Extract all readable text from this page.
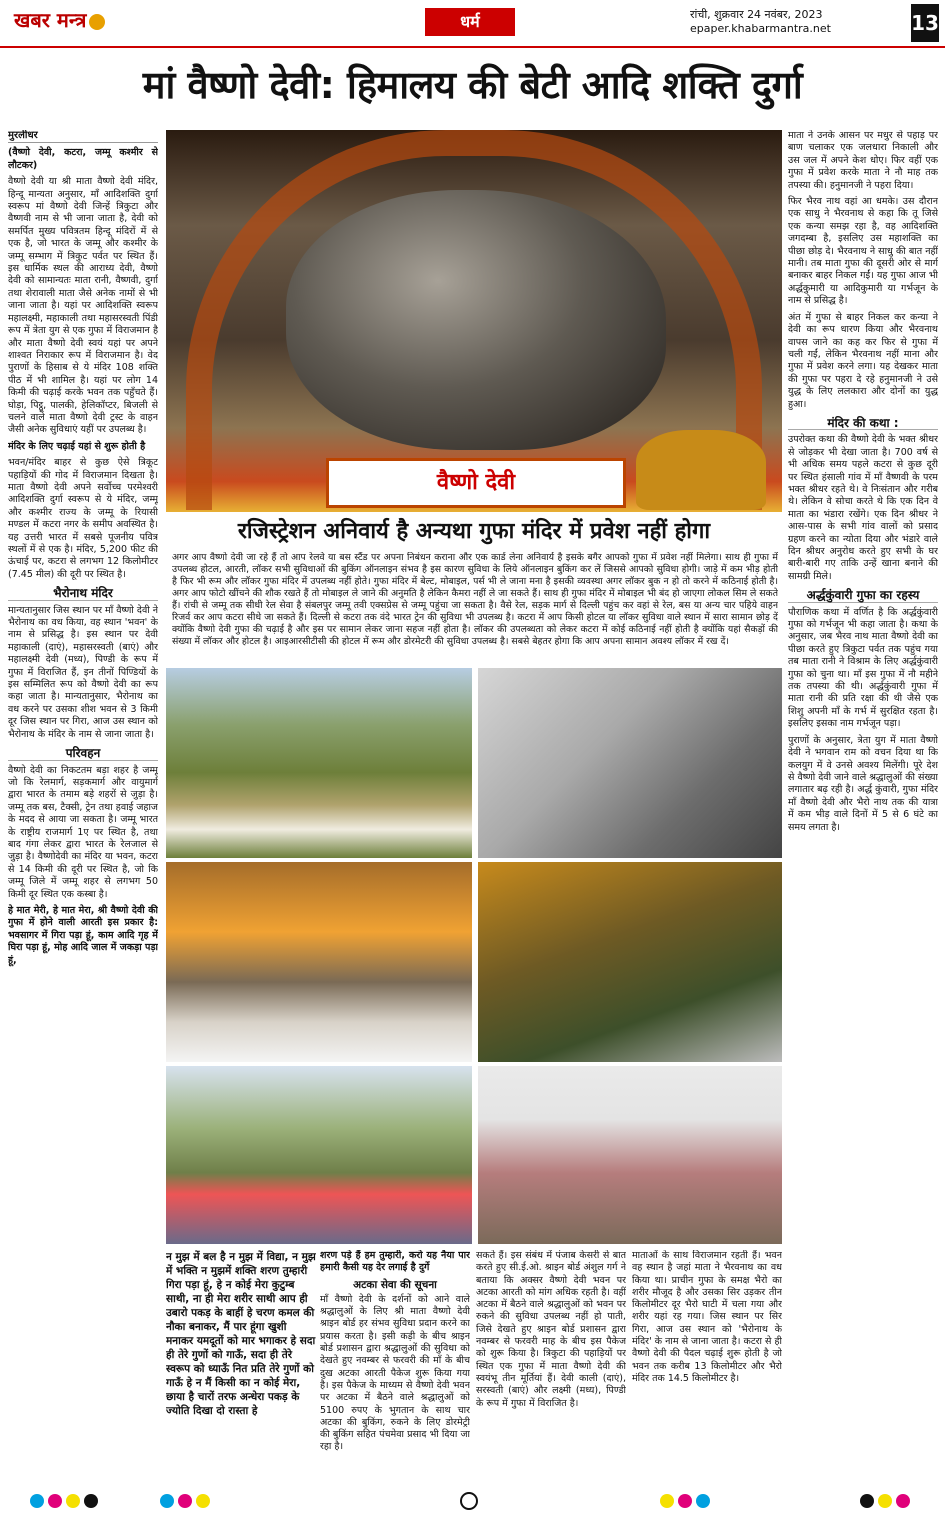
खबर मन्त्र	धर्म	रांची, शुक्रवार 24 नवंबर, 2023
epaper.khabarmantra.net	13
मां वैष्णो देवी: हिमालय की बेटी आदि शक्ति दुर्गा
मुरलीधर

(वैष्णो देवी, कटरा, जम्मू कश्मीर से लौटकर)

वैष्णो देवी या श्री माता वैष्णो देवी मंदिर, हिन्दू मान्यता अनुसार, माँ आदिशक्ति दुर्गा स्वरूप मां वैष्णो देवी जिन्हें त्रिकुटा और वैष्णवी नाम से भी जाना जाता है, देवी को समर्पित मुख्य पवित्रतम हिन्दू मंदिरों में से एक है, जो भारत के जम्मू और कश्मीर के जम्मू सम्भाग में त्रिकुट पर्वत पर स्थित हैं। इस धार्मिक स्थल की आराध्य देवी, वैष्णो देवी को सामान्यतः माता रानी, वैष्णवी, दुर्गा तथा शेरावाली माता जैसे अनेक नामों से भी जाना जाता है। यहां पर आदिशक्ति स्वरूप महालक्ष्मी, महाकाली तथा महासरस्वती पिंडी रूप में त्रेता युग से एक गुफा में विराजमान है और माता वैष्णो देवी स्वयं यहां पर अपने शाश्वत निराकार रूप में विराजमान है। वेद पुराणों के हिसाब से ये मंदिर 108 शक्ति पीठ में भी शामिल है। यहां पर लोग 14 किमी की चढ़ाई करके भवन तक पहुँचते हैं। घोड़ा, पिट्ठू, पालकी, हेलिकॉप्टर, बिजली से चलने वाले माता वैष्णो देवी ट्रस्ट के वाहन जैसी अनेक सुविधाएं यहीं पर उपलब्ध है।

मंदिर के लिए चढ़ाई यहां से शुरू होती है

भवन/मंदिर बाहर से कुछ ऐसे त्रिकूट पहाड़ियों की गोद में विराजमान दिखता है। माता वैष्णो देवी अपने सर्वोच्च परमेश्वरी आदिशक्ति दुर्गा स्वरूप से ये मंदिर, जम्मू और कश्मीर राज्य के जम्मू के रियासी मण्डल में कटरा नगर के समीप अवस्थित है। यह उत्तरी भारत में सबसे पूजनीय पवित्र स्थलों में से एक है। मंदिर, 5,200 फीट की ऊंचाई पर, कटरा से लगभग 12 किलोमीटर (7.45 मील) की दूरी पर स्थित है।

भैरोनाथ मंदिर

मान्यतानुसार जिस स्थान पर माँ वैष्णो देवी ने भैरोनाथ का वध किया, वह स्थान 'भवन' के नाम से प्रसिद्ध है। इस स्थान पर देवी महाकाली (दाएं), महासरस्वती (बाएं) और महालक्ष्मी देवी (मध्य), पिण्डी के रूप में गुफा में विराजित हैं, इन तीनों पिण्डियों के इस सम्मिलित रूप को वैष्णो देवी का रूप कहा जाता है। मान्यतानुसार, भैरोनाथ का वध करने पर उसका शीश भवन से 3 किमी दूर जिस स्थान पर गिरा, आज उस स्थान को भैरोनाथ के मंदिर के नाम से जाना जाता है।

परिवहन

वैष्णो देवी का निकटतम बड़ा शहर है जम्मू जो कि रेलमार्ग, सड़कमार्ग और वायुमार्ग द्वारा भारत के तमाम बड़े शहरों से जुड़ा है। जम्मू तक बस, टैक्सी, ट्रेन तथा हवाई जहाज के मदद से आया जा सकता है। जम्मू भारत के राष्ट्रीय राजमार्ग 1ए पर स्थित है, तथा बाद गंगा लेकर द्वारा भारत के रेलजाल से जुड़ा है। वैष्णोदेवी का मंदिर या भवन, कटरा से 14 किमी की दूरी पर स्थित है, जो कि जम्मू जिले में जम्मू शहर से लगभग 50 किमी दूर स्थित एक कस्बा है।

हे मात मेरी, हे मात मेरा, श्री वैष्णो देवी की गुफा में होने वाली आरती इस प्रकार है: भवसागर में गिरा पड़ा हूं, काम आदि गृह में घिरा पड़ा हूं, मोह आदि जाल में जकड़ा पड़ा हूं,

वैष्णो देवी
रजिस्ट्रेशन अनिवार्य है अन्यथा गुफा मंदिर में प्रवेश नहीं होगा
अगर आप वैष्णो देवी जा रहे हैं तो आप रेलवे या बस स्टैंड पर अपना निबंधन कराना और एक कार्ड लेना अनिवार्य है इसके बगैर आपको गुफा में प्रवेश नहीं मिलेगा। साथ ही गुफा में उपलब्ध होटल, आरती, लॉकर सभी सुविधाओं की बुकिंग ऑनलाइन संभव है इस कारण सुविधा के लिये ऑनलाइन बुकिंग कर लें जिससे आपको सुविधा होगी। जाड़े में कम भीड़ होती है फिर भी रूम और लॉकर गुफा मंदिर में उपलब्ध नहीं होते। गुफा मंदिर में बेल्ट, मोबाइल, पर्स भी ले जाना मना है इसकी व्यवस्था अगर लॉकर बुक न हो तो करने में कठिनाई होती है। अगर आप फोटो खींचने की शौक रखते हैं तो मोबाइल ले जाने की अनुमति है लेकिन कैमरा नहीं ले जा सकते हैं। साथ ही गुफा मंदिर में मोबाइल भी बंद हो जाएगा लोकल सिम ले सकते हैं। रांची से जम्मू तक सीधी रेल सेवा है संबलपुर जम्मू तवी एक्सप्रेस से जम्मू पहुंचा जा सकता है। वैसे रेल, सड़क मार्ग से दिल्ली पहुंच कर वहां से रेल, बस या अन्य चार पहिये वाहन रिजर्व कर आप कटरा सीधे जा सकते हैं। दिल्ली से कटरा तक वंदे भारत ट्रेन की सुविधा भी उपलब्ध है। कटरा में आप किसी होटल या लॉकर सुविधा वाले स्थान में सारा सामान छोड़ दें क्योंकि वैष्णो देवी गुफा की चढ़ाई है और इस पर सामान लेकर जाना सहज नहीं होता है। लॉकर की उपलब्धता को लेकर कटरा में कोई कठिनाई नहीं होती है क्योंकि यहां सैकड़ों की संख्या में लॉकर और होटल है। आइआरसीटीसी की होटल में रूम और डोरमेटरी की सुविधा उपलब्ध है। सबसे बेहतर होगा कि आप अपना सामान अवश्य लॉकर में रख दें।
न मुझ में बल है न मुझ में विद्या, न मुझ में भक्ति न मुझमें शक्ति शरण तुम्हारी गिरा पड़ा हूं, हे न कोई मेरा कुटुम्ब साथी, ना ही मेरा शरीर साथी आप ही उबारो पकड़ के बाहीं हे चरण कमल की नौका बनाकर, मैं पार हूंगा खुशी मनाकर यमदूतों को मार भगाकर हे सदा ही तेरे गुणों को गाऊँ, सदा ही तेरे स्वरूप को ध्याऊँ नित प्रति तेरे गुणों को गाऊँ हे न मैं किसी का न कोई मेरा, छाया है चारों तरफ अन्धेरा पकड़ के ज्योति दिखा दो रास्ता हे

शरण पड़े हैं हम तुम्हारी, करो यह नैया पार हमारी कैसी यह देर लगाई है दुर्गे

अटका सेवा की सूचना

माँ वैष्णो देवी के दर्शनों को आने वाले श्रद्धालुओं के लिए श्री माता वैष्णो देवी श्राइन बोर्ड हर संभव सुविधा प्रदान करने का प्रयास करता है। इसी कड़ी के बीच श्राइन बोर्ड प्रशासन द्वारा श्रद्धालुओं की सुविधा को देखते हुए नवम्बर से फरवरी की माँ के बीच दुख अटका आरती पैकेज शुरू किया गया है। इस पैकेज के माध्यम से वैष्णो देवी भवन पर अटका में बैठने वाले श्रद्धालुओं को 5100 रुपए के भुगतान के साथ चार अटका की बुकिंग, रुकने के लिए डोरमेट्री की बुकिंग सहित पंचमेवा प्रसाद भी दिया जा रहा है।

सकते हैं। इस संबंध में पंजाब केसरी से बात करते हुए सी.ई.ओ. श्राइन बोर्ड अंशुल गर्ग ने बताया कि अक्सर वैष्णो देवी भवन पर अटका आरती को मांग अधिक रहती है। वहीं अटका में बैठने वाले श्रद्धालुओं को भवन पर रुकने की सुविधा उपलब्ध नहीं हो पाती, जिसे देखते हुए श्राइन बोर्ड प्रशासन द्वारा नवम्बर से फरवरी माह के बीच इस पैकेज को शुरू किया है। त्रिकुटा की पहाड़ियों पर स्थित एक गुफा में माता वैष्णो देवी की स्वयंभू तीन मूर्तियां हैं। देवी काली (दाएं), सरस्वती (बाएं) और लक्ष्मी (मध्य), पिण्डी के रूप में गुफा में विराजित है।
माताओं के साथ विराजमान रहती हैं। भवन वह स्थान है जहां माता ने भैरवनाथ का वध किया था। प्राचीन गुफा के समक्ष भैरो का शरीर मौजूद है और उसका सिर उड़कर तीन किलोमीटर दूर भैरो घाटी में चला गया और शरीर यहां रह गया। जिस स्थान पर सिर गिरा, आज उस स्थान को 'भैरोनाथ के मंदिर' के नाम से जाना जाता है। कटरा से ही वैष्णो देवी की पैदल चढ़ाई शुरू होती है जो भवन तक करीब 13 किलोमीटर और भैरो मंदिर तक 14.5 किलोमीटर है।

माता ने उनके आसन पर मधुर से पहाड़ पर बाण चलाकर एक जलधारा निकाली और उस जल में अपने केश धोए। फिर वहीं एक गुफा में प्रवेश करके माता ने नौ माह तक तपस्या की। हनुमानजी ने पहरा दिया।

फिर भैरव नाथ वहां आ धमके। उस दौरान एक साधु ने भैरवनाथ से कहा कि तू जिसे एक कन्या समझ रहा है, वह आदिशक्ति जगदम्बा है, इसलिए उस महाशक्ति का पीछा छोड़ दे। भैरवनाथ ने साधु की बात नहीं मानी। तब माता गुफा की दूसरी ओर से मार्ग बनाकर बाहर निकल गईं। यह गुफा आज भी अर्द्धकुमारी या आदिकुमारी या गर्भजून के नाम से प्रसिद्ध है।

अंत में गुफा से बाहर निकल कर कन्या ने देवी का रूप धारण किया और भैरवनाथ वापस जाने का कह कर फिर से गुफा में चली गईं, लेकिन भैरवनाथ नहीं माना और गुफा में प्रवेश करने लगा। यह देखकर माता की गुफा पर पहरा दे रहे हनुमानजी ने उसे युद्ध के लिए ललकारा और दोनों का युद्ध हुआ।

मंदिर की कथा :

उपरोक्त कथा की वैष्णो देवी के भक्त श्रीधर से जोड़कर भी देखा जाता है। 700 वर्ष से भी अधिक समय पहले कटरा से कुछ दूरी पर स्थित हंसाली गांव में माँ वैष्णवी के परम भक्त श्रीधर रहते थे। वे निःसंतान और गरीब थे। लेकिन वे सोचा करते थे कि एक दिन वे माता का भंडारा रखेंगे। एक दिन श्रीधर ने आस-पास के सभी गांव वालों को प्रसाद ग्रहण करने का न्योता दिया और भंडारे वाले दिन श्रीधर अनुरोध करते हुए सभी के घर बारी-बारी गए ताकि उन्हें खाना बनाने की सामग्री मिले।

अर्द्धकुंवारी गुफा का रहस्य

पौराणिक कथा में वर्णित है कि अर्द्धकुंवारी गुफा को गर्भजून भी कहा जाता है। कथा के अनुसार, जब भैरव नाथ माता वैष्णो देवी का पीछा करते हुए त्रिकुटा पर्वत तक पहुंच गया तब माता रानी ने विश्राम के लिए अर्द्धकुंवारी गुफा को चुना था। माँ इस गुफा में नौ महीने तक तपस्या की थी। अर्द्धकुंवारी गुफा में माता रानी की प्रति रक्षा की थी जैसे एक शिशु अपनी माँ के गर्भ में सुरक्षित रहता है। इसलिए इसका नाम गर्भजून पड़ा।

पुराणों के अनुसार, त्रेता युग में माता वैष्णो देवी ने भगवान राम को वचन दिया था कि कलयुग में वे उनसे अवश्य मिलेंगी। पूरे देश से वैष्णो देवी जाने वाले श्रद्धालुओं की संख्या लगातार बढ़ रही है। अर्द्ध कुंवारी, गुफा मंदिर माँ वैष्णो देवी और भैरो नाथ तक की यात्रा में कम भीड़ वाले दिनों में 5 से 6 घंटे का समय लगता है।
